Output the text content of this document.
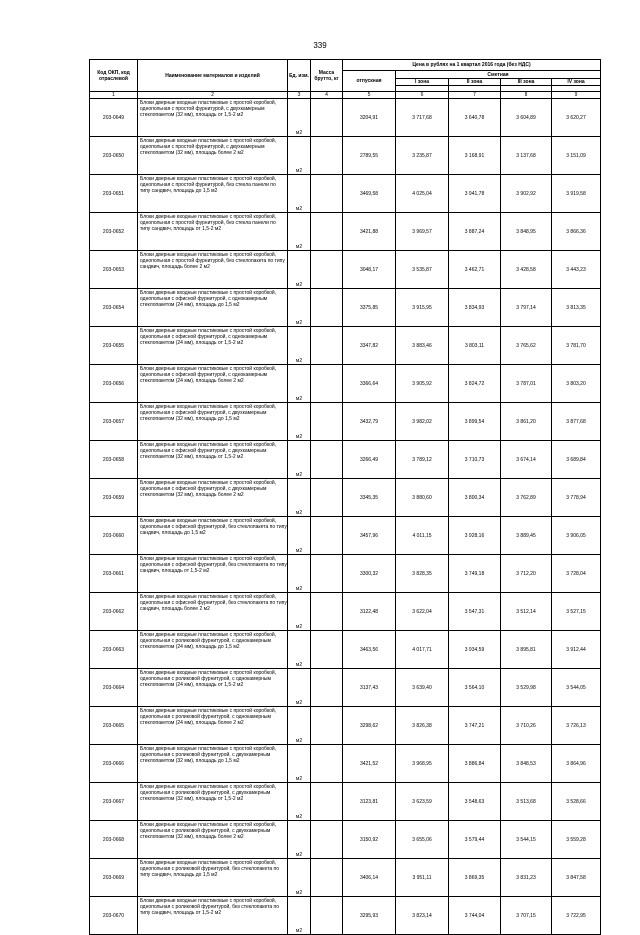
339
Код ОКП, код отраслевой	Наименование материалов и изделий	Ед. изм.	Масса брутто, кг	Цена в рублях на 1 квартал 2016 года (без НДС)				
				отпускная	Сметная			
					I зона	II зона	III зона	IV зона

1	2	3	4	5	6	7	8	9
203-0649	Блоки дверные входные пластиковые с простой коробкой, однопольная с простой фурнитурой, с двухкамерным стеклопакетом (32 мм), площадь от 1,5-2 м2	м2		3204,91	3 717,68	3 640,78	3 604,89	3 620,27
203-0650	Блоки дверные входные пластиковые с простой коробкой, однопольная с простой фурнитурой, с двухкамерным стеклопакетом (32 мм), площадь более 2 м2	м2		2789,55	3 235,87	3 168,91	3 137,68	3 151,09
203-0651	Блоки дверные входные пластиковые с простой коробкой, однопольная с простой фурнитурой, без стекла панели по типу сандвич, площадь до 1,5 м2	м2		3469,58	4 025,04	3 941,78	3 902,92	3 919,58
203-0652	Блоки дверные входные пластиковые с простой коробкой, однопольная с простой фурнитурой, без стекла панели по типу сандвич, площадь от 1,5-2 м2	м2		3421,88	3 969,57	3 887,24	3 848,95	3 866,36
203-0653	Блоки дверные входные пластиковые с простой коробкой, однопольная с простой фурнитурой, без стеклопакета по типу сандвич, площадь более 2 м2	м2		3048,17	3 535,87	3 462,71	3 428,58	3 443,23
203-0654	Блоки дверные входные пластиковые с простой коробкой, однопольная с офисной фурнитурой, с однокамерным стеклопакетом (24 мм), площадь до 1,5 м2	м2		3375,85	3 915,95	3 834,93	3 797,14	3 813,35
203-0655	Блоки дверные входные пластиковые с простой коробкой, однопольная с офисной фурнитурой, с однокамерным стеклопакетом (24 мм), площадь от 1,5-2 м2	м2		3347,82	3 883,46	3 803,11	3 765,62	3 781,70
203-0656	Блоки дверные входные пластиковые с простой коробкой, однопольная с офисной фурнитурой, с однокамерным стеклопакетом (24 мм), площадь более 2 м2	м2		3366,64	3 905,92	3 824,72	3 787,01	3 803,20
203-0657	Блоки дверные входные пластиковые с простой коробкой, однопольная с офисной фурнитурой, с двухкамерным стеклопакетом (32 мм), площадь до 1,5 м2	м2		3432,79	3 982,02	3 899,54	3 861,20	3 877,68
203-0658	Блоки дверные входные пластиковые с простой коробкой, однопольная с офисной фурнитурой, с двухкамерным стеклопакетом (32 мм), площадь от 1,5-2 м2	м2		3266,49	3 789,12	3 710,73	3 674,14	3 689,84
203-0659	Блоки дверные входные пластиковые с простой коробкой, однопольная с офисной фурнитурой, с двухкамерным стеклопакетом (32 мм), площадь более 2 м2	м2		3345,35	3 880,60	3 800,34	3 762,89	3 778,94
203-0660	Блоки дверные входные пластиковые с простой коробкой, однопольная с офисной фурнитурой, без стеклопакета по типу сандвич, площадь до 1,5 м2	м2		3457,96	4 011,15	3 928,16	3 889,45	3 906,05
203-0661	Блоки дверные входные пластиковые с простой коробкой, однопольная с офисной фурнитурой, без стеклопакета по типу сандвич, площадь от 1,5-2 м2	м2		3300,32	3 828,35	3 749,18	3 712,20	3 728,04
203-0662	Блоки дверные входные пластиковые с простой коробкой, однопольная с офисной фурнитурой, без стеклопакета по типу сандвич, площадь более 2 м2	м2		3122,48	3 622,04	3 547,31	3 512,14	3 527,15
203-0663	Блоки дверные входные пластиковые с простой коробкой, однопольная с роликовой фурнитурой, с однокамерным стеклопакетом (24 мм), площадь до 1,5 м2	м2		3463,56	4 017,71	3 934,59	3 895,81	3 912,44
203-0664	Блоки дверные входные пластиковые с простой коробкой, однопольная с роликовой фурнитурой, с однокамерным стеклопакетом (24 мм), площадь от 1,5-2 м2	м2		3137,43	3 639,40	3 564,10	3 529,98	3 544,05
203-0665	Блоки дверные входные пластиковые с простой коробкой, однопольная с роликовой фурнитурой, с однокамерным стеклопакетом (24 мм), площадь более 2 м2	м2		3298,62	3 826,38	3 747,21	3 710,26	3 726,13
203-0666	Блоки дверные входные пластиковые с простой коробкой, однопольная с роликовой фурнитурой, с двухкамерным стеклопакетом (32 мм), площадь до 1,5 м2	м2		3421,52	3 968,95	3 886,84	3 848,53	3 864,96
203-0667	Блоки дверные входные пластиковые с простой коробкой, однопольная с роликовой фурнитурой, с двухкамерным стеклопакетом (32 мм), площадь от 1,5-2 м2	м2		3123,81	3 623,59	3 548,63	3 513,68	3 528,66
203-0668	Блоки дверные входные пластиковые с простой коробкой, однопольная с роликовой фурнитурой, с двухкамерным стеклопакетом (32 мм), площадь более 2 м2	м2		3150,92	3 655,06	3 579,44	3 544,15	3 559,28
203-0669	Блоки дверные входные пластиковые с простой коробкой, однопольная с роликовой фурнитурой, без стеклопакета по типу сандвич, площадь до 1,5 м2	м2		3406,14	3 951,11	3 869,35	3 831,23	3 847,58
203-0670	Блоки дверные входные пластиковые с простой коробкой, однопольная с роликовой фурнитурой, без стеклопакета по типу сандвич, площадь от 1,5-2 м2	м2		3295,93	3 823,14	3 744,04	3 707,15	3 722,95
